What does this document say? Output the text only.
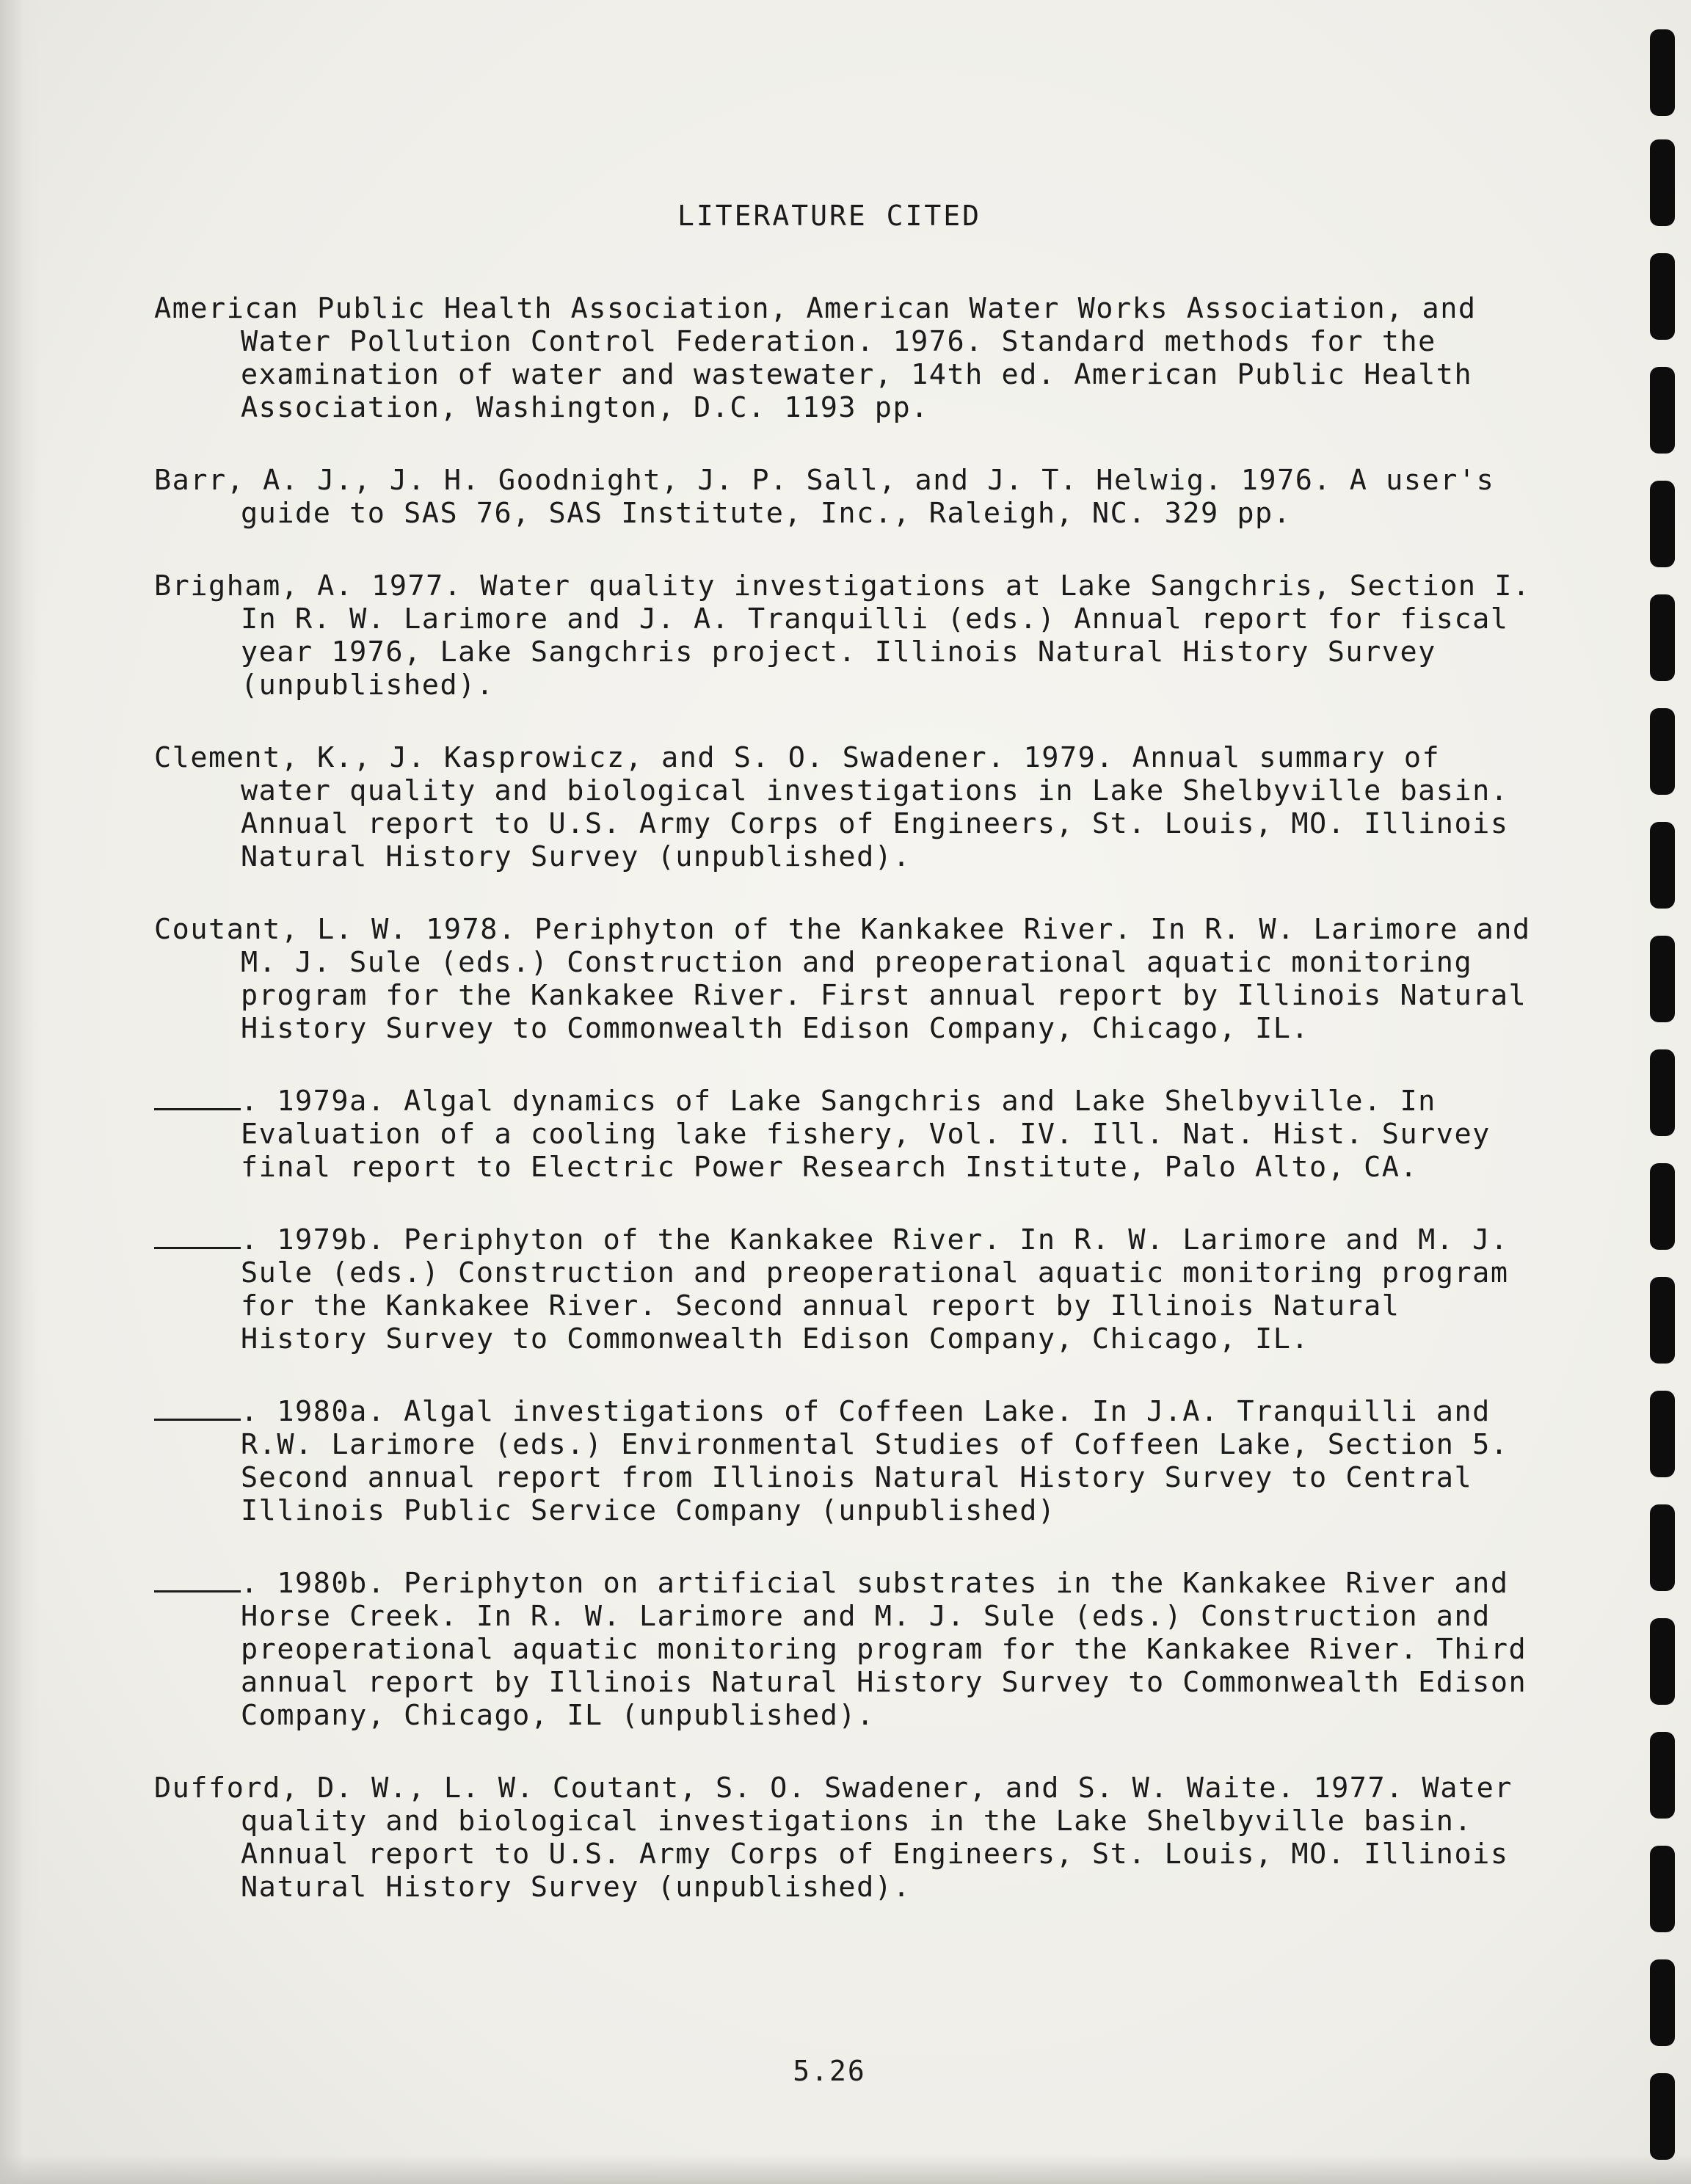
LITERATURE CITED

American Public Health Association, American Water Works Association, and Water Pollution Control Federation. 1976. Standard methods for the examination of water and wastewater, 14th ed. American Public Health Association, Washington, D.C. 1193 pp.

Barr, A. J., J. H. Goodnight, J. P. Sall, and J. T. Helwig. 1976. A user's guide to SAS 76, SAS Institute, Inc., Raleigh, NC. 329 pp.

Brigham, A. 1977. Water quality investigations at Lake Sangchris, Section I. In R. W. Larimore and J. A. Tranquilli (eds.) Annual report for fiscal year 1976, Lake Sangchris project. Illinois Natural History Survey (unpublished).

Clement, K., J. Kasprowicz, and S. O. Swadener. 1979. Annual summary of water quality and biological investigations in Lake Shelbyville basin. Annual report to U.S. Army Corps of Engineers, St. Louis, MO. Illinois Natural History Survey (unpublished).

Coutant, L. W. 1978. Periphyton of the Kankakee River. In R. W. Larimore and M. J. Sule (eds.) Construction and preoperational aquatic monitoring program for the Kankakee River. First annual report by Illinois Natural History Survey to Commonwealth Edison Company, Chicago, IL.

. 1979a. Algal dynamics of Lake Sangchris and Lake Shelbyville. In Evaluation of a cooling lake fishery, Vol. IV. Ill. Nat. Hist. Survey final report to Electric Power Research Institute, Palo Alto, CA.

. 1979b. Periphyton of the Kankakee River. In R. W. Larimore and M. J. Sule (eds.) Construction and preoperational aquatic monitoring program for the Kankakee River. Second annual report by Illinois Natural History Survey to Commonwealth Edison Company, Chicago, IL.

. 1980a. Algal investigations of Coffeen Lake. In J.A. Tranquilli and R.W. Larimore (eds.) Environmental Studies of Coffeen Lake, Section 5. Second annual report from Illinois Natural History Survey to Central Illinois Public Service Company (unpublished)

. 1980b. Periphyton on artificial substrates in the Kankakee River and Horse Creek. In R. W. Larimore and M. J. Sule (eds.) Construction and preoperational aquatic monitoring program for the Kankakee River. Third annual report by Illinois Natural History Survey to Commonwealth Edison Company, Chicago, IL (unpublished).

Dufford, D. W., L. W. Coutant, S. O. Swadener, and S. W. Waite. 1977. Water quality and biological investigations in the Lake Shelbyville basin. Annual report to U.S. Army Corps of Engineers, St. Louis, MO. Illinois Natural History Survey (unpublished).

5.26
